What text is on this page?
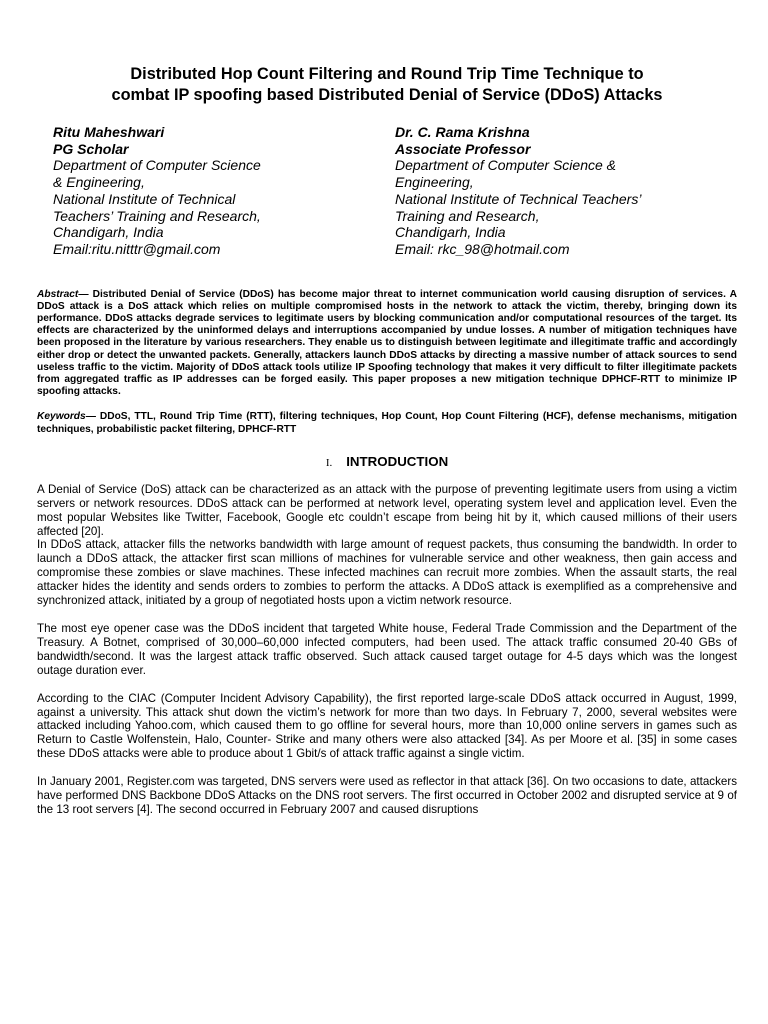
Distributed Hop Count Filtering and Round Trip Time Technique to
combat IP spoofing based Distributed Denial of Service (DDoS) Attacks
Ritu Maheshwari
PG Scholar
Department of Computer Science
& Engineering,
National Institute of Technical
Teachers’ Training and Research,
Chandigarh, India
Email:ritu.nitttr@gmail.com
Dr. C. Rama Krishna
Associate Professor
Department of Computer Science &
Engineering,
National Institute of Technical Teachers’
Training and Research,
Chandigarh, India
Email: rkc_98@hotmail.com
Abstract— Distributed Denial of Service (DDoS) has become major threat to internet communication world causing disruption of services. A DDoS attack is a DoS attack which relies on multiple compromised hosts in the network to attack the victim, thereby, bringing down its performance. DDoS attacks degrade services to legitimate users by blocking communication and/or computational resources of the target. Its effects are characterized by the uninformed delays and interruptions accompanied by undue losses. A number of mitigation techniques have been proposed in the literature by various researchers. They enable us to distinguish between legitimate and illegitimate traffic and accordingly either drop or detect the unwanted packets. Generally, attackers launch DDoS attacks by directing a massive number of attack sources to send useless traffic to the victim. Majority of DDoS attack tools utilize IP Spoofing technology that makes it very difficult to filter illegitimate packets from aggregated traffic as IP addresses can be forged easily. This paper proposes a new mitigation technique DPHCF-RTT to minimize IP spoofing attacks.
Keywords— DDoS, TTL, Round Trip Time (RTT), filtering techniques, Hop Count, Hop Count Filtering (HCF), defense mechanisms, mitigation techniques, probabilistic packet filtering, DPHCF-RTT
I. INTRODUCTION

A Denial of Service (DoS) attack can be characterized as an attack with the purpose of preventing legitimate users from using a victim servers or network resources. DDoS attack can be performed at network level, operating system level and application level. Even the most popular Websites like Twitter, Facebook, Google etc couldn’t escape from being hit by it, which caused millions of their users affected [20].

In DDoS attack, attacker fills the networks bandwidth with large amount of request packets, thus consuming the bandwidth. In order to launch a DDoS attack, the attacker first scan millions of machines for vulnerable service and other weakness, then gain access and compromise these zombies or slave machines. These infected machines can recruit more zombies. When the assault starts, the real attacker hides the identity and sends orders to zombies to perform the attacks. A DDoS attack is exemplified as a comprehensive and synchronized attack, initiated by a group of negotiated hosts upon a victim network resource.

The most eye opener case was the DDoS incident that targeted White house, Federal Trade Commission and the Department of the Treasury. A Botnet, comprised of 30,000–60,000 infected computers, had been used. The attack traffic consumed 20-40 GBs of bandwidth/second. It was the largest attack traffic observed. Such attack caused target outage for 4-5 days which was the longest outage duration ever.

According to the CIAC (Computer Incident Advisory Capability), the first reported large-scale DDoS attack occurred in August, 1999, against a university. This attack shut down the victim’s network for more than two days. In February 7, 2000, several websites were attacked including Yahoo.com, which caused them to go offline for several hours, more than 10,000 online servers in games such as Return to Castle Wolfenstein, Halo, Counter- Strike and many others were also attacked [34]. As per Moore et al. [35] in some cases these DDoS attacks were able to produce about 1 Gbit/s of attack traffic against a single victim.

In January 2001, Register.com was targeted, DNS servers were used as reflector in that attack [36]. On two occasions to date, attackers have performed DNS Backbone DDoS Attacks on the DNS root servers. The first occurred in October 2002 and disrupted service at 9 of the 13 root servers [4]. The second occurred in February 2007 and caused disruptions
